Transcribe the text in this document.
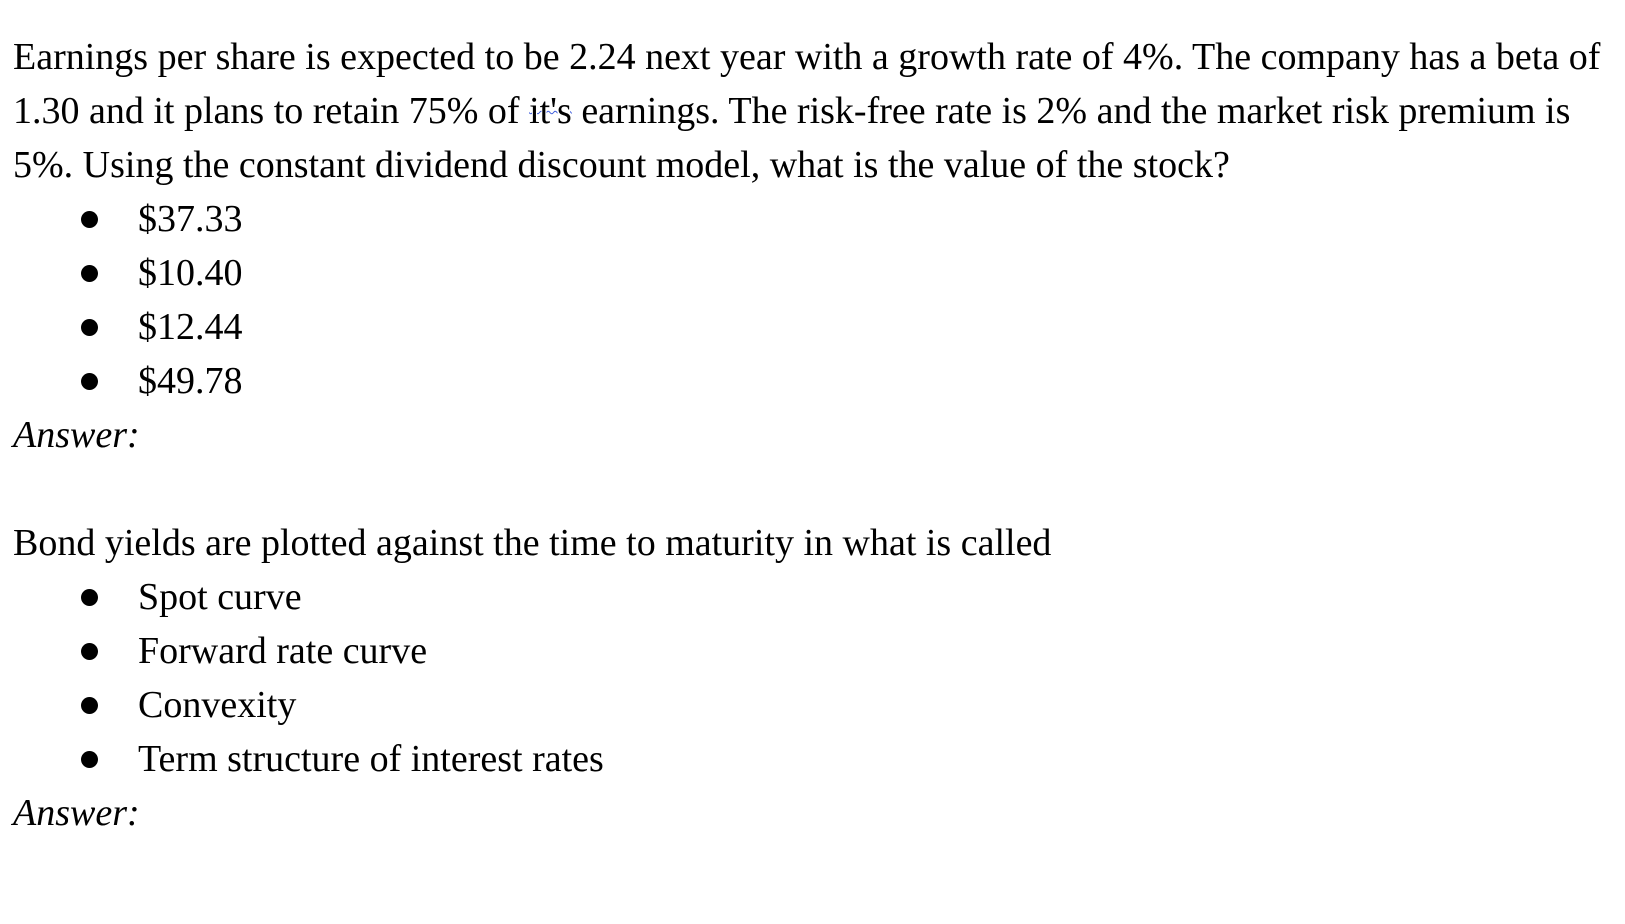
Earnings per share is expected to be 2.24 next year with a growth rate of 4%. The company has a beta of 1.30 and it plans to retain 75% of it's earnings. The risk-free rate is 2% and the market risk premium is 5%. Using the constant dividend discount model, what is the value of the stock?

$37.33
$10.40
$12.44
$49.78

Answer:

Bond yields are plotted against the time to maturity in what is called

Spot curve
Forward rate curve
Convexity
Term structure of interest rates

Answer:
